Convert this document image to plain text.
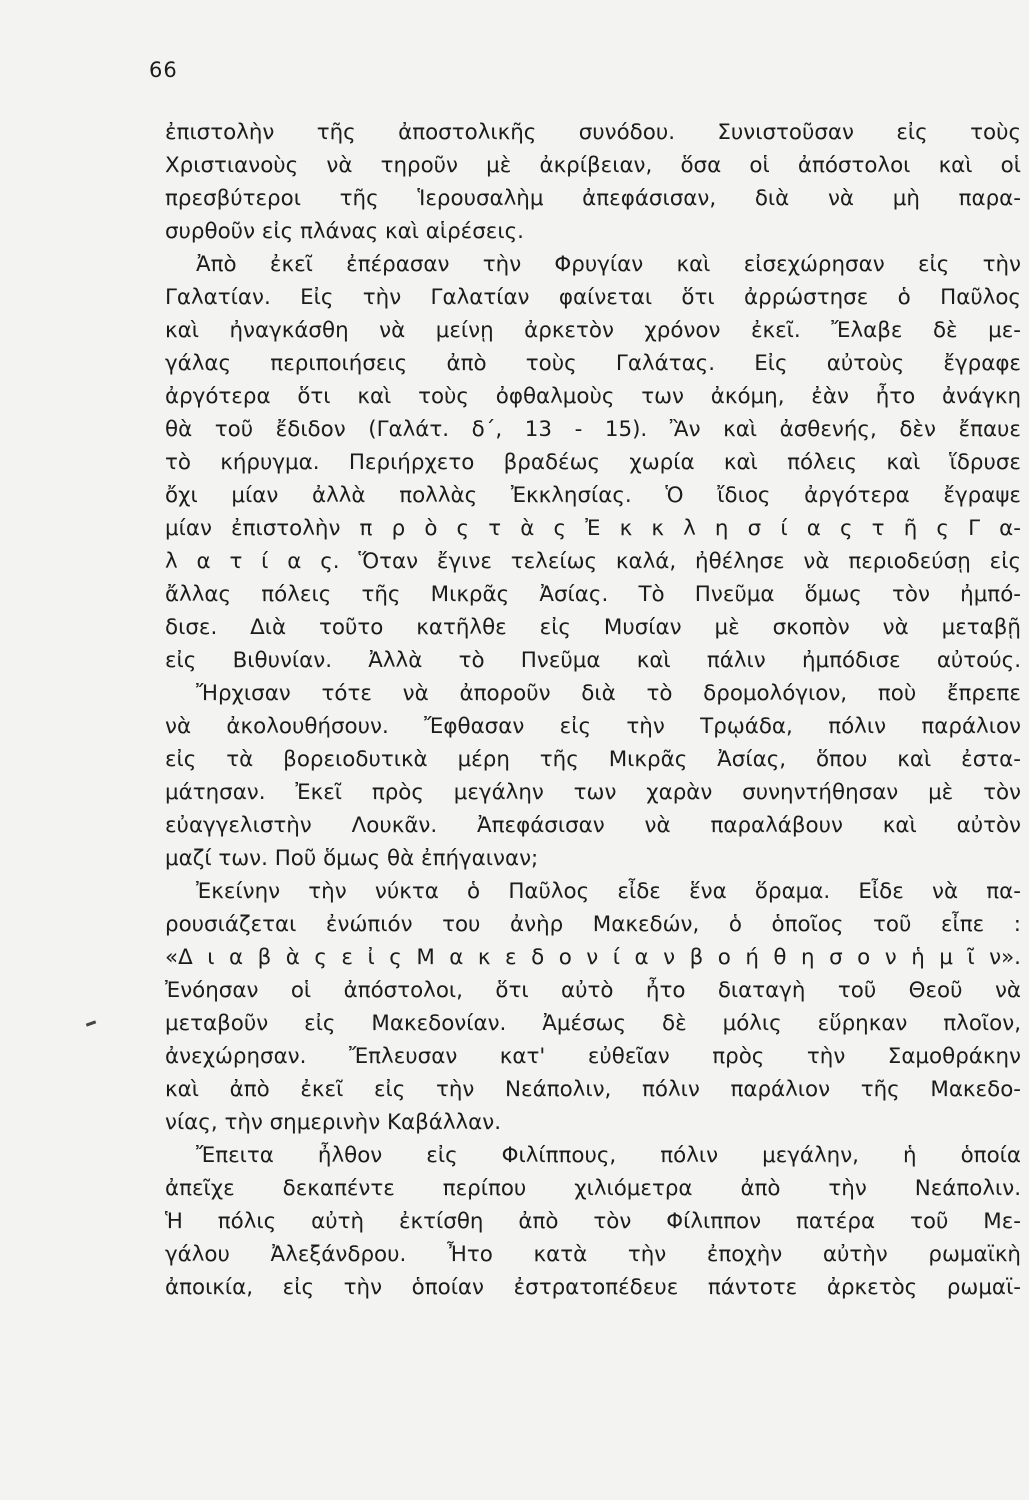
66
ἐπιστολὴν τῆς ἀποστολικῆς συνόδου. Συνιστοῦσαν εἰς τοὺς
Χριστιανοὺς νὰ τηροῦν μὲ ἀκρίβειαν, ὅσα οἱ ἀπόστολοι καὶ οἱ
πρεσβύτεροι τῆς Ἱερουσαλὴμ ἀπεφάσισαν, διὰ νὰ μὴ παρα-
συρθοῦν εἰς πλάνας καὶ αἱρέσεις.
Ἀπὸ ἐκεῖ ἐπέρασαν τὴν Φρυγίαν καὶ εἰσεχώρησαν εἰς τὴν
Γαλατίαν. Εἰς τὴν Γαλατίαν φαίνεται ὅτι ἀρρώστησε ὁ Παῦλος
καὶ ἠναγκάσθη νὰ μείνῃ ἀρκετὸν χρόνον ἐκεῖ. Ἔλαβε δὲ με-
γάλας περιποιήσεις ἀπὸ τοὺς Γαλάτας. Εἰς αὐτοὺς ἔγραφε
ἀργότερα ὅτι καὶ τοὺς ὀφθαλμοὺς των ἀκόμη, ἐὰν ἦτο ἀνάγκη
θὰ τοῦ ἔδιδον (Γαλάτ. δ΄, 13 - 15). Ἂν καὶ ἀσθενής, δὲν ἔπαυε
τὸ κήρυγμα. Περιήρχετο βραδέως χωρία καὶ πόλεις καὶ ἵδρυσε
ὄχι μίαν ἀλλὰ πολλὰς Ἐκκλησίας. Ὁ ἴδιος ἀργότερα ἔγραψε
μίαν ἐπιστολὴν π ρ ὸ ς τ ὰ ς Ἐ κ κ λ η σ ί α ς τ ῆ ς Γ α-
λ α τ ί α ς. Ὅταν ἔγινε τελείως καλά, ἠθέλησε νὰ περιοδεύσῃ εἰς
ἄλλας πόλεις τῆς Μικρᾶς Ἀσίας. Τὸ Πνεῦμα ὅμως τὸν ἠμπό-
δισε. Διὰ τοῦτο κατῆλθε εἰς Μυσίαν μὲ σκοπὸν νὰ μεταβῇ
εἰς Βιθυνίαν. Ἀλλὰ τὸ Πνεῦμα καὶ πάλιν ἠμπόδισε αὐτούς.
Ἤρχισαν τότε νὰ ἀποροῦν διὰ τὸ δρομολόγιον, ποὺ ἔπρεπε
νὰ ἀκολουθήσουν. Ἔφθασαν εἰς τὴν Τρῳάδα, πόλιν παράλιον
εἰς τὰ βορειοδυτικὰ μέρη τῆς Μικρᾶς Ἀσίας, ὅπου καὶ ἐστα-
μάτησαν. Ἐκεῖ πρὸς μεγάλην των χαρὰν συνηντήθησαν μὲ τὸν
εὐαγγελιστὴν Λουκᾶν. Ἀπεφάσισαν νὰ παραλάβουν καὶ αὐτὸν
μαζί των. Ποῦ ὅμως θὰ ἐπήγαιναν;
Ἐκείνην τὴν νύκτα ὁ Παῦλος εἶδε ἕνα ὅραμα. Εἶδε νὰ πα-
ρουσιάζεται ἐνώπιόν του ἀνὴρ Μακεδών, ὁ ὁποῖος τοῦ εἶπε :
«Δ ι α β ὰ ς ε ἰ ς Μ α κ ε δ ο ν ί α ν β ο ή θ η σ ο ν ἡ μ ῖ ν».
Ἐνόησαν οἱ ἀπόστολοι, ὅτι αὐτὸ ἦτο διαταγὴ τοῦ Θεοῦ νὰ
μεταβοῦν εἰς Μακεδονίαν. Ἀμέσως δὲ μόλις εὕρηκαν πλοῖον,
ἀνεχώρησαν. Ἔπλευσαν κατ' εὐθεῖαν πρὸς τὴν Σαμοθράκην
καὶ ἀπὸ ἐκεῖ εἰς τὴν Νεάπολιν, πόλιν παράλιον τῆς Μακεδο-
νίας, τὴν σημερινὴν Καβάλλαν.
Ἔπειτα ἦλθον εἰς Φιλίππους, πόλιν μεγάλην, ἡ ὁποία
ἀπεῖχε δεκαπέντε περίπου χιλιόμετρα ἀπὸ τὴν Νεάπολιν.
Ἡ πόλις αὐτὴ ἐκτίσθη ἀπὸ τὸν Φίλιππον πατέρα τοῦ Με-
γάλου Ἀλεξάνδρου. Ἦτο κατὰ τὴν ἐποχὴν αὐτὴν ρωμαϊκὴ
ἀποικία, εἰς τὴν ὁποίαν ἐστρατοπέδευε πάντοτε ἀρκετὸς ρωμαϊ-
